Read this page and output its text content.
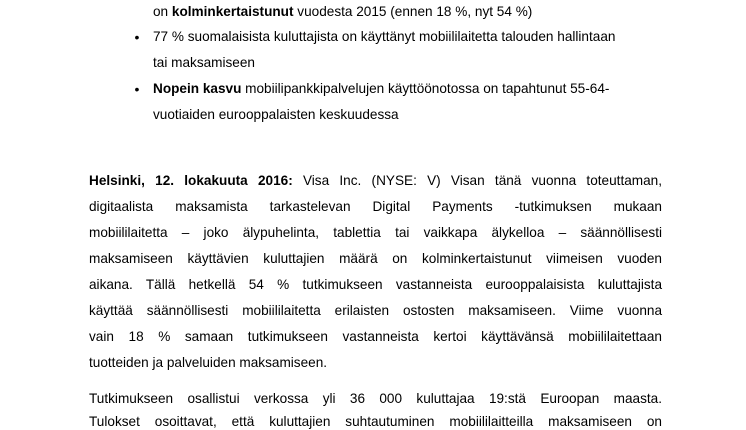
on kolminkertaistunut vuodesta 2015 (ennen 18 %, nyt 54 %)
• 77 % suomalaisista kuluttajista on käyttänyt mobiililaitetta talouden hallintaan
tai maksamiseen
• Nopein kasvu mobiilipankkipalvelujen käyttöönotossa on tapahtunut 55-64-
vuotiaiden eurooppalaisten keskuudessa
Helsinki, 12. lokakuuta 2016: Visa Inc. (NYSE: V) Visan tänä vuonna toteuttaman,
digitaalista maksamista tarkastelevan Digital Payments -tutkimuksen mukaan
mobiililaitetta – joko älypuhelinta, tablettia tai vaikkapa älykelloa – säännöllisesti
maksamiseen käyttävien kuluttajien määrä on kolminkertaistunut viimeisen vuoden
aikana. Tällä hetkellä 54 % tutkimukseen vastanneista eurooppalaisista kuluttajista
käyttää säännöllisesti mobiililaitetta erilaisten ostosten maksamiseen. Viime vuonna
vain 18 % samaan tutkimukseen vastanneista kertoi käyttävänsä mobiililaitettaan
tuotteiden ja palveluiden maksamiseen.
Tutkimukseen osallistui verkossa yli 36 000 kuluttajaa 19:stä Euroopan maasta.
Tulokset osoittavat, että kuluttajien suhtautuminen mobiililaitteilla maksamiseen on
